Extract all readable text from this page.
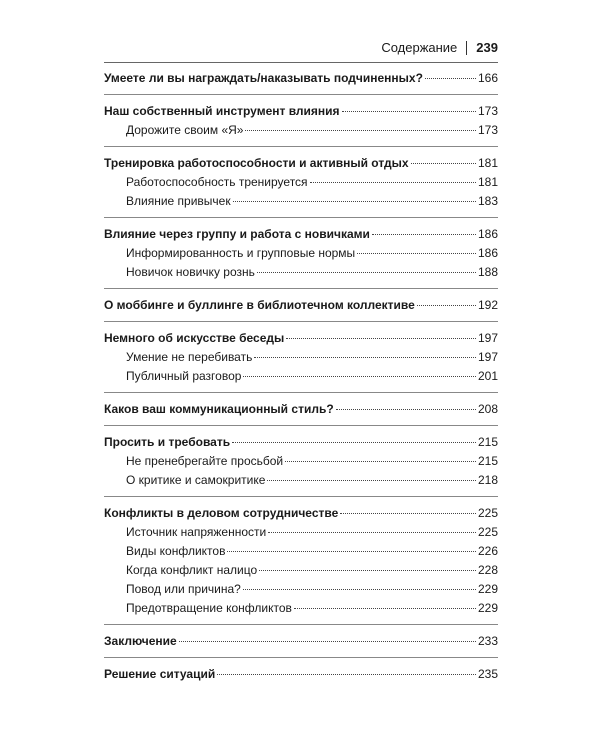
Содержание 239
Умеете ли вы награждать/наказывать подчиненных?	166
Наш собственный инструмент влияния	173
Дорожите своим «Я»	173
Тренировка работоспособности и активный отдых	181
Работоспособность тренируется	181
Влияние привычек	183
Влияние через группу и работа с новичками	186
Информированность и групповые нормы	186
Новичок новичку рознь	188
О моббинге и буллинге в библиотечном коллективе	192
Немного об искусстве беседы	197
Умение не перебивать	197
Публичный разговор	201
Каков ваш коммуникационный стиль?	208
Просить и требовать	215
Не пренебрегайте просьбой	215
О критике и самокритике	218
Конфликты в деловом сотрудничестве	225
Источник напряженности	225
Виды конфликтов	226
Когда конфликт налицо	228
Повод или причина?	229
Предотвращение конфликтов	229
Заключение	233
Решение ситуаций	235
